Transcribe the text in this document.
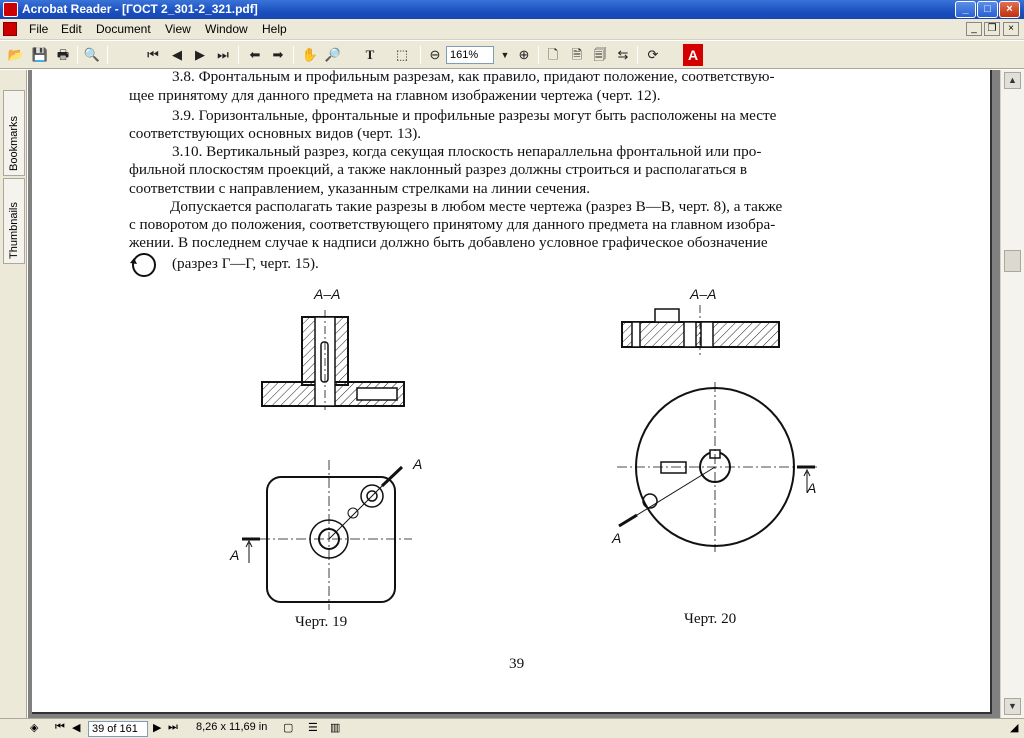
Acrobat Reader - [ГОСТ 2_301-2_321.pdf]	_	□	×
File Edit Document View Window Help	_	❐	×
📂 💾 🖶 🔍	⏮	◀	▶ ⏭	⬅ ➡	✋ 🔎	T	⬚	⊖ 161%	▼ ⊕	🗋	🗎 🗐 ⇆	⟳	A
Bookmarks
Thumbnails
3.8. Фронтальным и профильным разрезам, как правило, придают положение, соответствую-
щее принятому для данного предмета на главном изображении чертежа (черт. 12).
3.9. Горизонтальные, фронтальные и профильные разрезы могут быть расположены на месте
соответствующих основных видов (черт. 13).
3.10. Вертикальный разрез, когда секущая плоскость непараллельна фронтальной или про-
фильной плоскостям проекций, а также наклонный разрез должны строиться и располагаться в
соответствии с направлением, указанным стрелками на линии сечения.
Допускается располагать такие разрезы в любом месте чертежа (разрез В—В, черт. 8), а также
с поворотом до положения, соответствующего принятому для данного предмета на главном изобра-
жении. В последнем случае к надписи должно быть добавлено условное графическое обозначение
(разрез Г—Г, черт. 15).
А–А
А
А
Черт. 19
А–А
А
А
Черт. 20
39
▲
▼
◈ ⏮ ◀	39 of 161	▶ ⏭ 8,26 x 11,69 in ▢ ☰ ▥	◢
